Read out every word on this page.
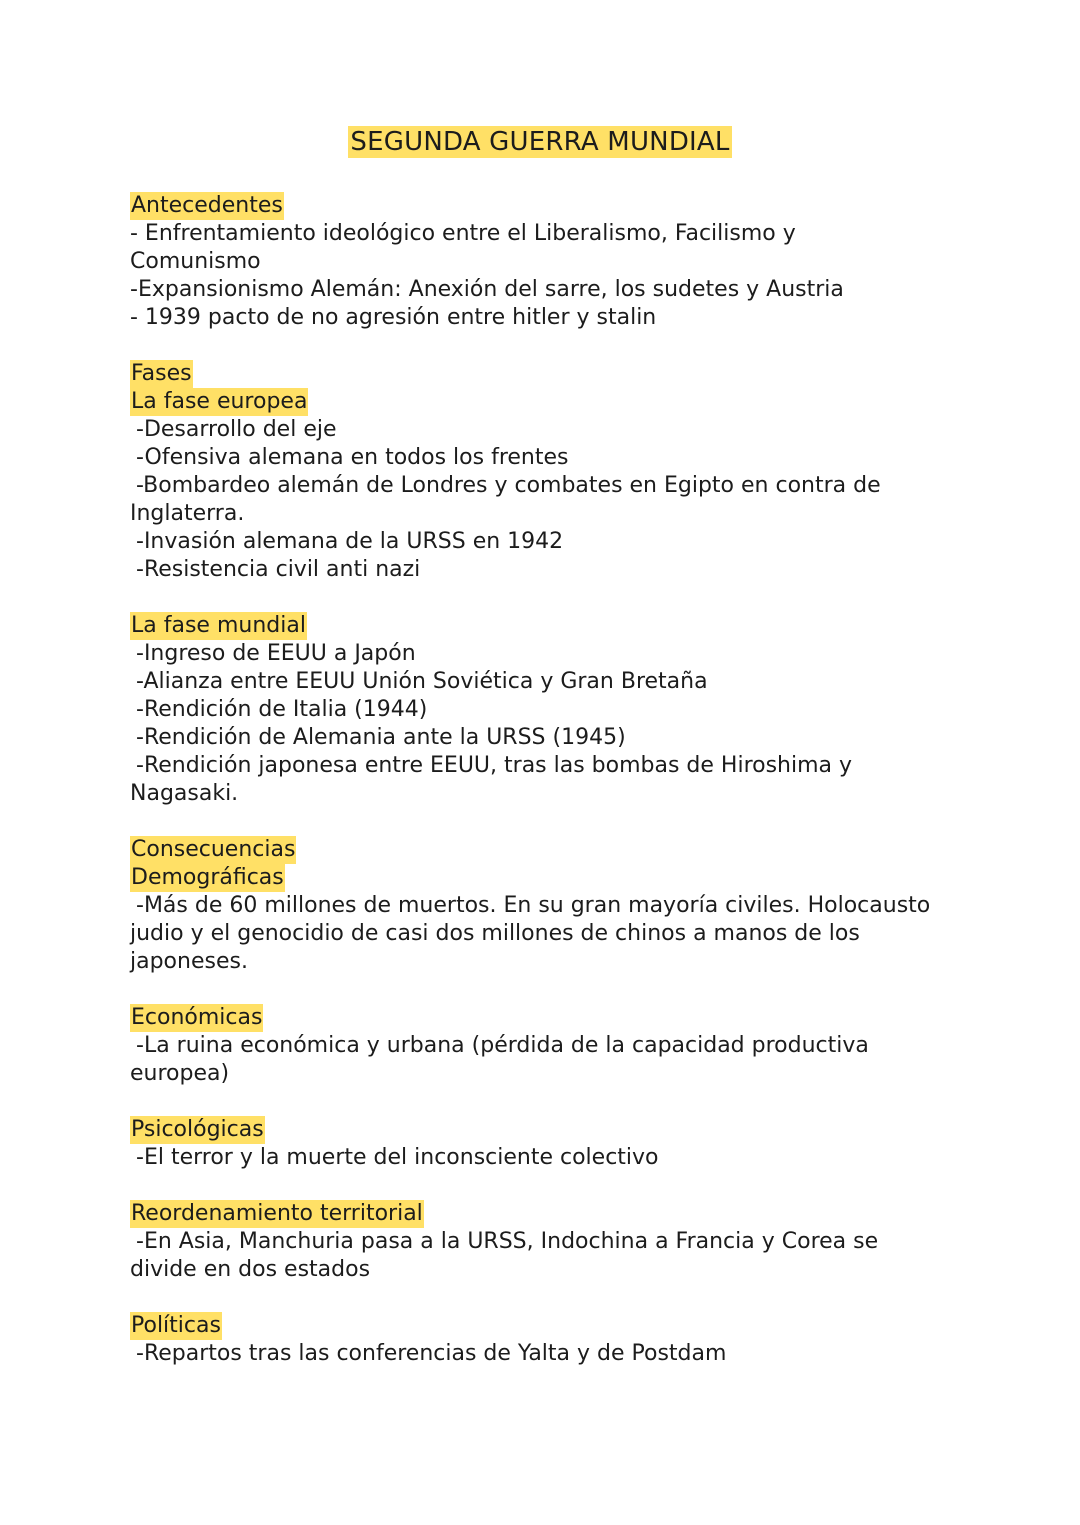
SEGUNDA GUERRA MUNDIAL
Antecedentes
- Enfrentamiento ideológico entre el Liberalismo, Facilismo y
Comunismo
-Expansionismo Alemán: Anexión del sarre, los sudetes y Austria
- 1939 pacto de no agresión entre hitler y stalin
Fases
La fase europea
-Desarrollo del eje
-Ofensiva alemana en todos los frentes
-Bombardeo alemán de Londres y combates en Egipto en contra de
Inglaterra.
-Invasión alemana de la URSS en 1942
-Resistencia civil anti nazi
La fase mundial
-Ingreso de EEUU a Japón
-Alianza entre EEUU Unión Soviética y Gran Bretaña
-Rendición de Italia (1944)
-Rendición de Alemania ante la URSS (1945)
-Rendición japonesa entre EEUU, tras las bombas de Hiroshima y
Nagasaki.
Consecuencias
Demográficas
-Más de 60 millones de muertos. En su gran mayoría civiles. Holocausto
judio y el genocidio de casi dos millones de chinos a manos de los
japoneses.
Económicas
-La ruina económica y urbana (pérdida de la capacidad productiva
europea)
Psicológicas
-El terror y la muerte del inconsciente colectivo
Reordenamiento territorial
-En Asia, Manchuria pasa a la URSS, Indochina a Francia y Corea se
divide en dos estados
Políticas
-Repartos tras las conferencias de Yalta y de Postdam
